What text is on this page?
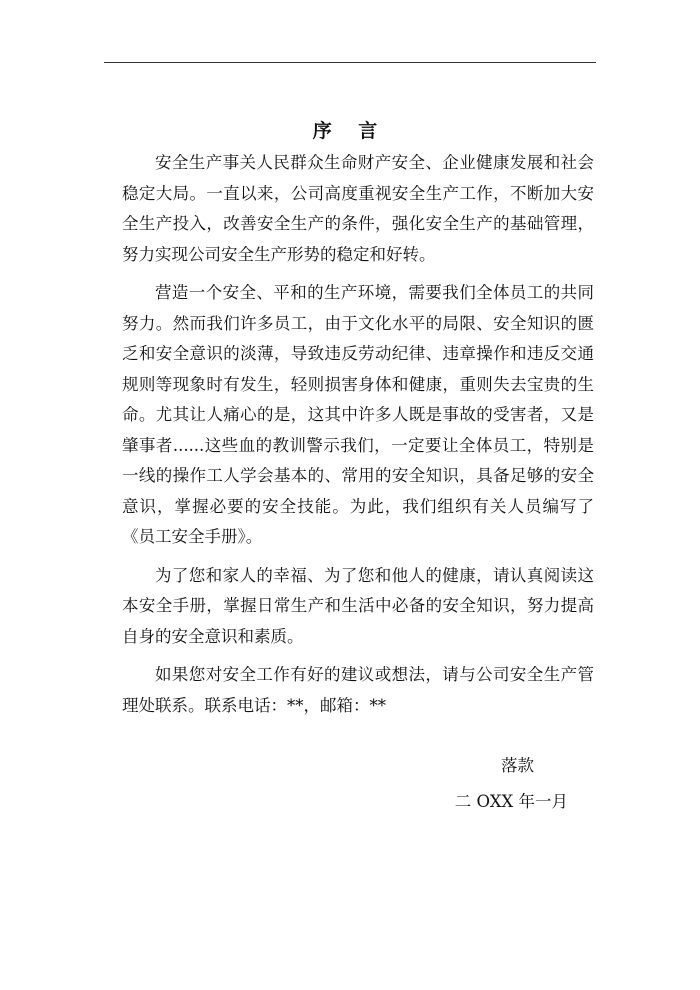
序 言

安全生产事关人民群众生命财产安全、企业健康发展和社会稳定大局。一直以来，公司高度重视安全生产工作，不断加大安全生产投入，改善安全生产的条件，强化安全生产的基础管理，努力实现公司安全生产形势的稳定和好转。

营造一个安全、平和的生产环境，需要我们全体员工的共同努力。然而我们许多员工，由于文化水平的局限、安全知识的匮乏和安全意识的淡薄，导致违反劳动纪律、违章操作和违反交通规则等现象时有发生，轻则损害身体和健康，重则失去宝贵的生命。尤其让人痛心的是，这其中许多人既是事故的受害者，又是肇事者......这些血的教训警示我们，一定要让全体员工，特别是一线的操作工人学会基本的、常用的安全知识，具备足够的安全意识，掌握必要的安全技能。为此，我们组织有关人员编写了《员工安全手册》。

为了您和家人的幸福、为了您和他人的健康，请认真阅读这本安全手册，掌握日常生产和生活中必备的安全知识，努力提高自身的安全意识和素质。

如果您对安全工作有好的建议或想法，请与公司安全生产管理处联系。联系电话：**，邮箱：**

落款

二 OXX 年一月
